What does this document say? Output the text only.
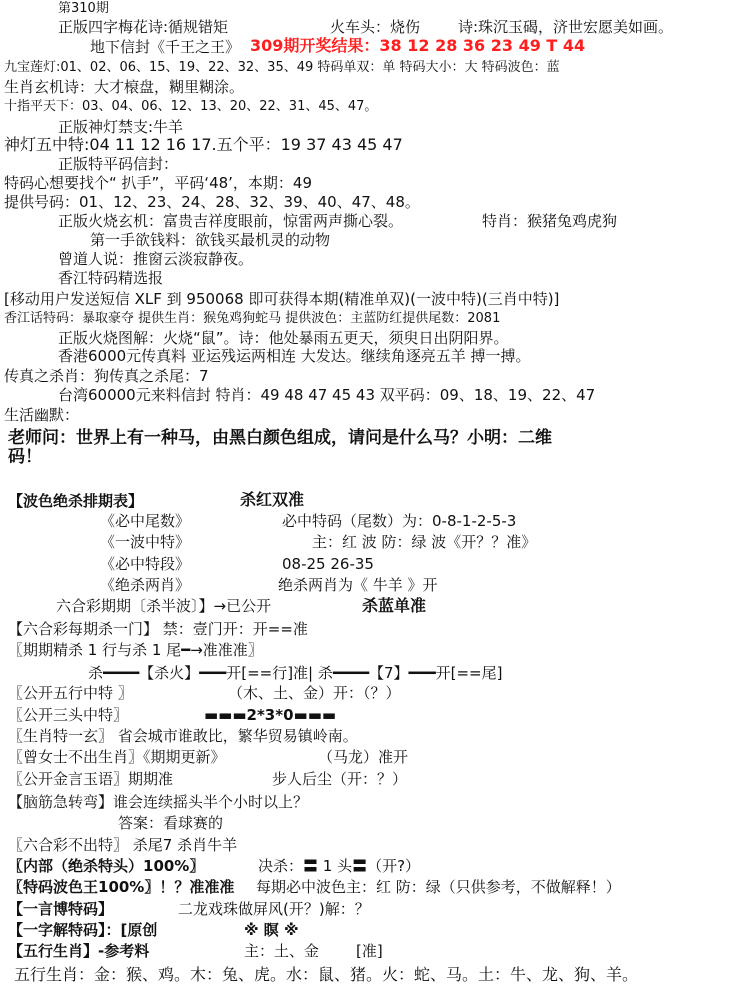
第310期
正版四字梅花诗:循规错矩	火车头：烧伤	诗:珠沉玉碣，济世宏愿美如画。
地下信封《千王之王》 309期开奖结果：38 12 28 36 23 49 T 44
九宝莲灯:01、02、06、15、19、22、32、35、49 特码单双：单 特码大小：大 特码波色：蓝
生肖玄机诗：大才榱盘，糊里糊涂。
十指平天下：03、04、06、12、13、20、22、31、45、47。
正版神灯禁支:牛羊
神灯五中特:04 11 12 16 17.五个平：19 37 43 45 47
正版特平码信封：
特码心想要找个“ 扒手”，平码‘48’，本期：49
提供号码：01、12、23、24、28、32、39、40、47、48。
正版火烧玄机：富贵吉祥度眼前，惊雷两声撕心裂。	特肖：猴猪兔鸡虎狗
第一手欲钱料：欲钱买最机灵的动物
曾道人说：推窗云淡寂静夜。
香江特码精选报
[移动用户发送短信 XLF 到 950068 即可获得本期(精准单双)(一波中特)(三肖中特)]
香江话特码：暴取豪夺 提供生肖：猴兔鸡狗蛇马 提供波色：主蓝防红提供尾数：2081
正版火烧图解：火烧“鼠”。诗：他处暴雨五更天，须臾日出阴阳界。
香港6000元传真料 亚运残运两相连 大发达。继续角逐亮五羊 搏一搏。
传真之杀肖：狗传真之杀尾：7
台湾60000元来料信封 特肖：49 48 47 45 43 双平码：09、18、19、22、47
生活幽默：
老师问：世界上有一种马，由黑白颜色组成，请问是什么马？小明：二维
码！
【波色绝杀排期表】	杀红双准
《必中尾数》	必中特码（尾数）为：0-8-1-2-5-3
《一波中特》	主：红 波 防：绿 波《开？？准》
《必中特段》	08-25 26-35
《绝杀两肖》	绝杀两肖为《 牛羊 》开
六合彩期期〔杀半波〕】→已公开	杀蓝单准
【六合彩每期杀一门】 禁：壹门开：开==准
〖期期精杀 1 行与杀 1 尾━→准准准〗
杀━━━━【杀火】━━━开[==行]准| 杀━━━━【7】━━━开[==尾]
〖公开五行中特 〗	（木、土、金）开：（？）
〖公开三头中特〗	▬▬▬2*3*0▬▬▬
〖生肖特一玄〗 省会城市谁敢比，繁华贸易镇岭南。
〖曾女士不出生肖〗《期期更新》	（马龙）准开
〖公开金言玉语〗期期准	步人后尘（开：？）
【脑筋急转弯】谁会连续摇头半个小时以上？
答案：看球赛的
〖六合彩不出特〗 杀尾7 杀肖牛羊
〖内部（绝杀特头）100%〗	决杀：〓 1 头〓（开?）
〖特码波色王100%〗！？准准准 每期必中波色主：红 防：绿（只供参考，不做解释！）
【一言博特码】	二龙戏珠做屏风(开？)解：？
【一字解特码】：[原创	※ 瞑 ※
【五行生肖】-参考料	主：土、金 [准]
五行生肖：金：猴、鸡。木：兔、虎。水：鼠、猪。火：蛇、马。土：牛、龙、狗、羊。
